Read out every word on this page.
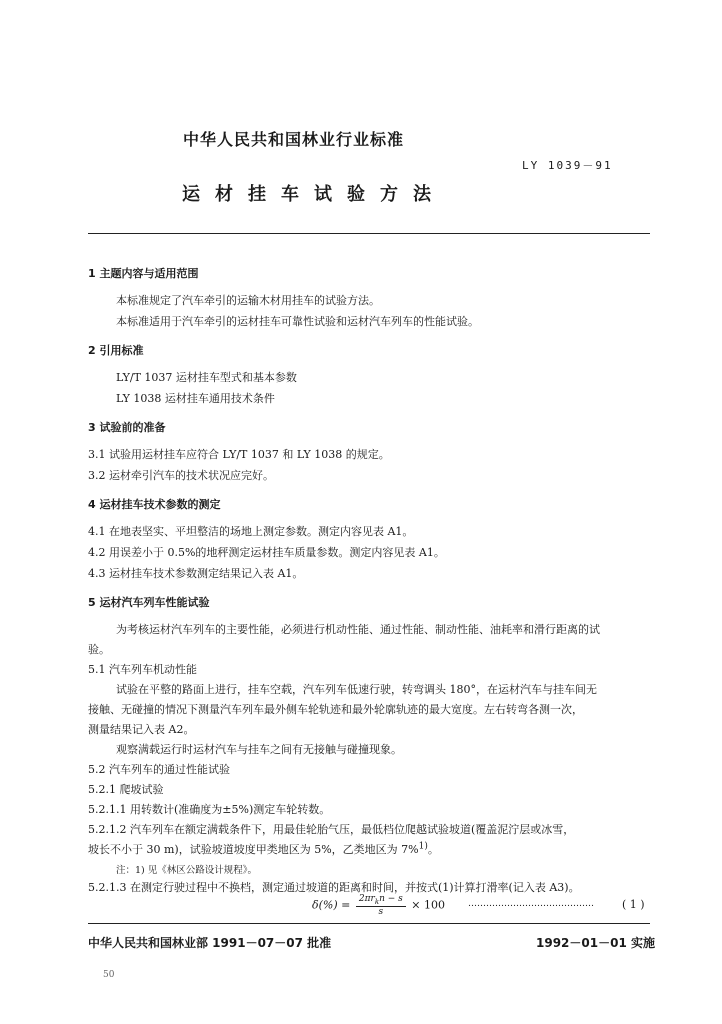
中华人民共和国林业行业标准
LY 1039－91
运材挂车试验方法
1 主题内容与适用范围
本标准规定了汽车牵引的运输木材用挂车的试验方法。
本标准适用于汽车牵引的运材挂车可靠性试验和运材汽车列车的性能试验。
2 引用标准
LY/T 1037 运材挂车型式和基本参数
LY 1038 运材挂车通用技术条件
3 试验前的准备
3.1 试验用运材挂车应符合 LY/T 1037 和 LY 1038 的规定。
3.2 运材牵引汽车的技术状况应完好。
4 运材挂车技术参数的测定
4.1 在地表坚实、平坦整洁的场地上测定参数。测定内容见表 A1。
4.2 用误差小于 0.5%的地秤测定运材挂车质量参数。测定内容见表 A1。
4.3 运材挂车技术参数测定结果记入表 A1。
5 运材汽车列车性能试验
为考核运材汽车列车的主要性能，必须进行机动性能、通过性能、制动性能、油耗率和滑行距离的试
验。
5.1 汽车列车机动性能
试验在平整的路面上进行，挂车空载，汽车列车低速行驶，转弯调头 180°，在运材汽车与挂车间无
接触、无碰撞的情况下测量汽车列车最外侧车轮轨迹和最外轮廓轨迹的最大宽度。左右转弯各测一次，
测量结果记入表 A2。
观察满载运行时运材汽车与挂车之间有无接触与碰撞现象。
5.2 汽车列车的通过性能试验
5.2.1 爬坡试验
5.2.1.1 用转数计(准确度为±5%)测定车轮转数。
5.2.1.2 汽车列车在额定满载条件下，用最佳轮胎气压，最低档位爬越试验坡道(覆盖泥泞层或冰雪，
坡长不小于 30 m)，试验坡道坡度甲类地区为 5%，乙类地区为 7%$^{1)}$。
注：1) 见《林区公路设计规程》。
5.2.1.3 在测定行驶过程中不换档，测定通过坡道的距离和时间，并按式(1)计算打滑率(记入表 A3)。
$\delta(\%) = \frac{2\pi r_kn - s}{s} \times 100$	……………………………………	( 1 )
中华人民共和国林业部 1991－07－07 批准	1992－01－01 实施
50
